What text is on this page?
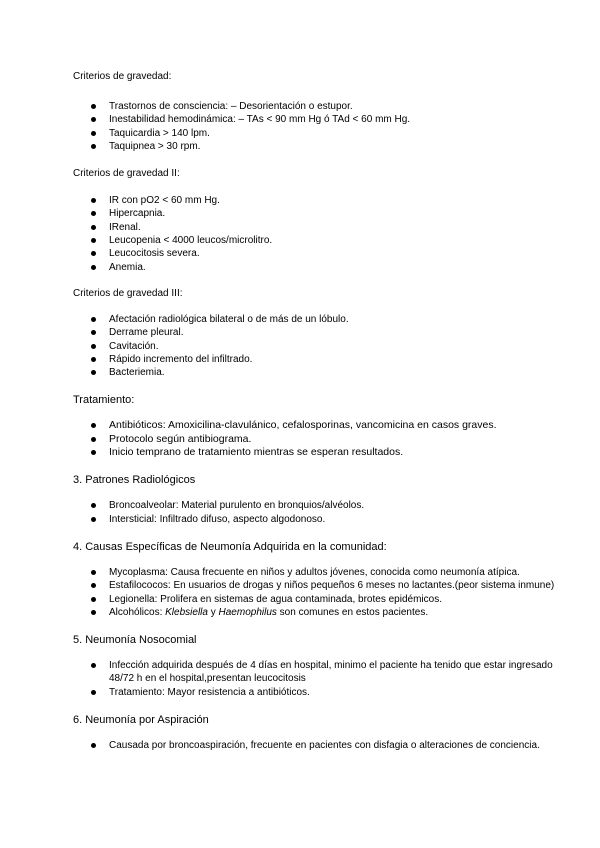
Criterios de gravedad:

Trastornos de consciencia: – Desorientación o estupor.
Inestabilidad hemodinámica: – TAs < 90 mm Hg ó TAd < 60 mm Hg.
Taquicardia > 140 lpm.
Taquipnea > 30 rpm.

Criterios de gravedad II:

IR con pO2 < 60 mm Hg.
Hipercapnia.
IRenal.
Leucopenia < 4000 leucos/microlitro.
Leucocitosis severa.
Anemia.

Criterios de gravedad III:

Afectación radiológica bilateral o de más de un lóbulo.
Derrame pleural.
Cavitación.
Rápido incremento del infiltrado.
Bacteriemia.

Tratamiento:

Antibióticos: Amoxicilina-clavulánico, cefalosporinas, vancomicina en casos graves.
Protocolo según antibiograma.
Inicio temprano de tratamiento mientras se esperan resultados.

3. Patrones Radiológicos

Broncoalveolar: Material purulento en bronquios/alvéolos.
Intersticial: Infiltrado difuso, aspecto algodonoso.

4. Causas Específicas de Neumonía Adquirida en la comunidad:

Mycoplasma: Causa frecuente en niños y adultos jóvenes, conocida como neumonía atípica.
Estafilococos: En usuarios de drogas y niños pequeños 6 meses no lactantes.(peor sistema inmune)
Legionella: Prolifera en sistemas de agua contaminada, brotes epidémicos.
Alcohólicos: Klebsiella y Haemophilus son comunes en estos pacientes.

5. Neumonía Nosocomial

Infección adquirida después de 4 días en hospital, minimo el paciente ha tenido que estar ingresado 48/72 h en el hospital,presentan leucocitosis
Tratamiento: Mayor resistencia a antibióticos.

6. Neumonía por Aspiración

Causada por broncoaspiración, frecuente en pacientes con disfagia o alteraciones de conciencia.
